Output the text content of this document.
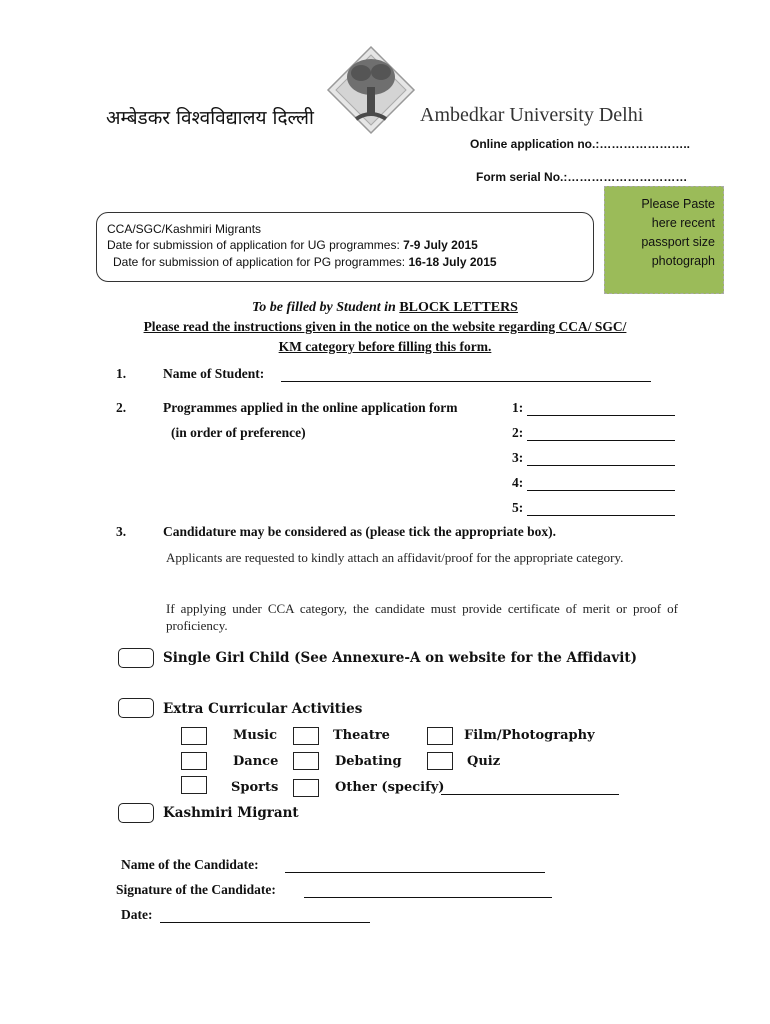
अम्बेडकर विश्वविद्यालय दिल्ली	Ambedkar University Delhi
Online application no.:…………………..
Form serial No.:…………………………
Please Paste
here recent
passport size
photograph
CCA/SGC/Kashmiri Migrants
Date for submission of application for UG programmes: 7-9 July 2015
Date for submission of application for PG programmes: 16-18 July 2015
To be filled by Student in BLOCK LETTERS
Please read the instructions given in the notice on the website regarding CCA/ SGC/
KM category before filling this form.
1.	Name of Student:
2.	Programmes applied in the online application form
(in order of preference)
1:
2:
3:
4:
5:
3.	Candidature may be considered as (please tick the appropriate box).
Applicants are requested to kindly attach an affidavit/proof for the appropriate category.
If applying under CCA category, the candidate must provide certificate of merit or proof of proficiency.
Single Girl Child (See Annexure-A on website for the Affidavit)
Extra Curricular Activities
Music	Theatre	Film/Photography
Dance	Debating	Quiz
Sports	Other (specify)
Kashmiri Migrant
Name of the Candidate:
Signature of the Candidate:
Date:
